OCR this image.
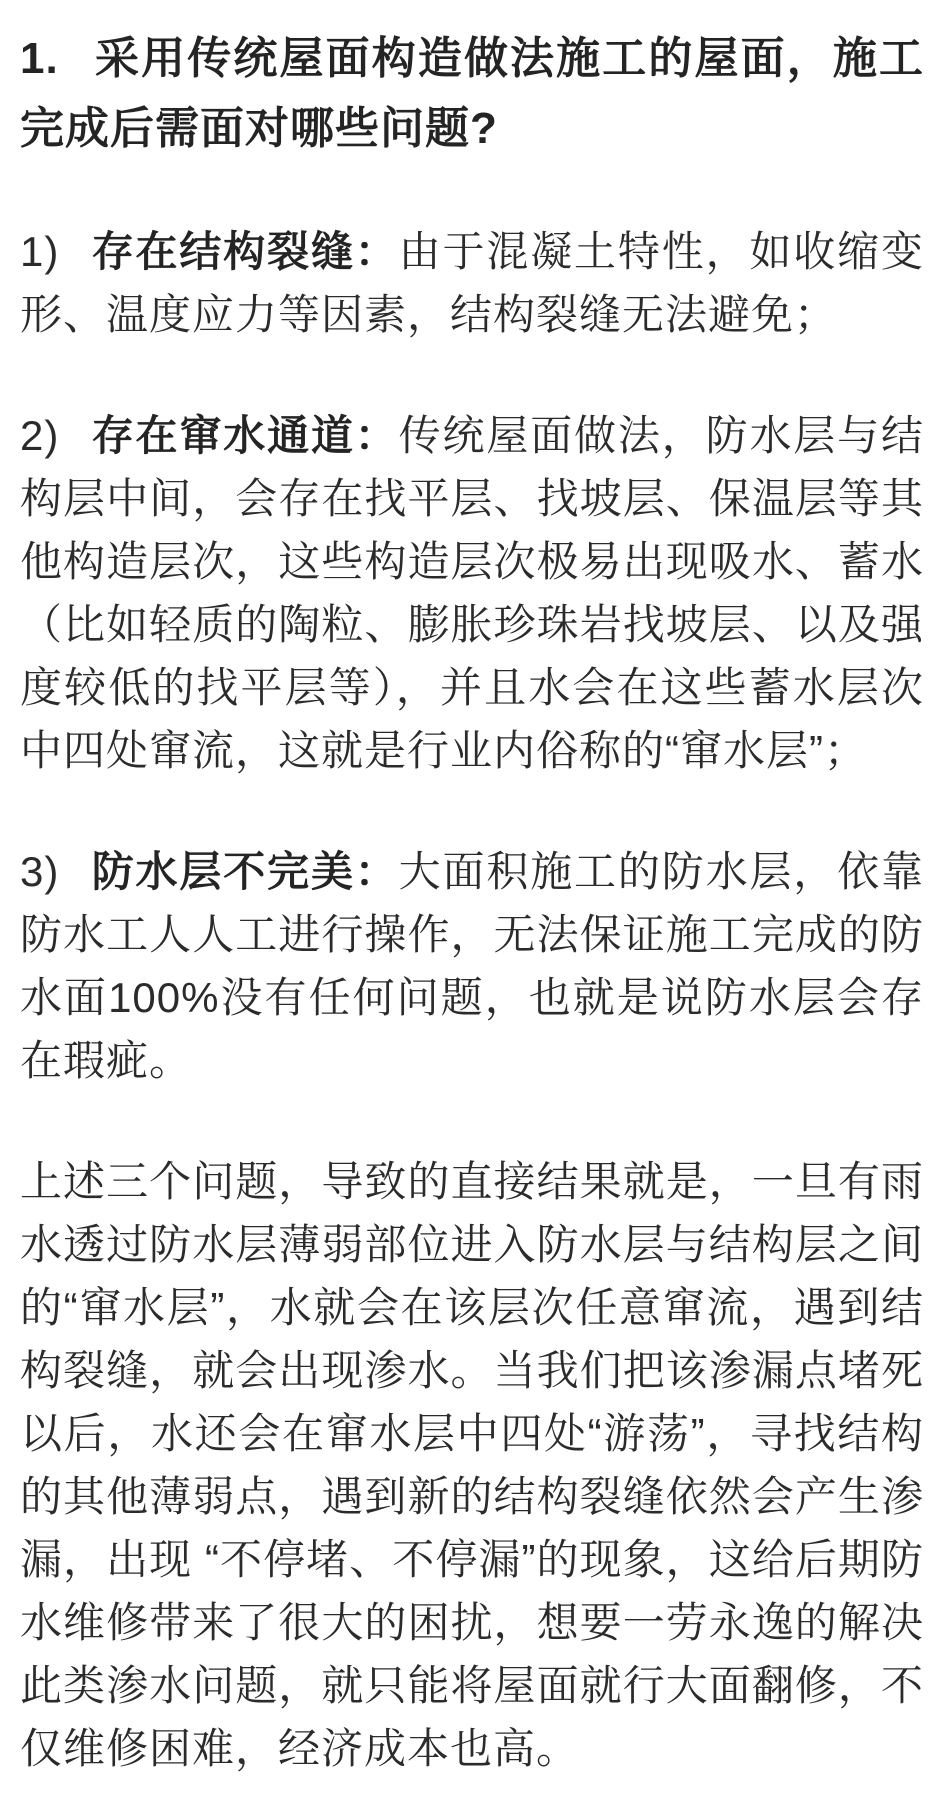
1. 采用传统屋面构造做法施工的屋面，施工完成后需面对哪些问题?

1) 存在结构裂缝：由于混凝土特性，如收缩变形、温度应力等因素，结构裂缝无法避免；

2) 存在窜水通道：传统屋面做法，防水层与结构层中间，会存在找平层、找坡层、保温层等其他构造层次，这些构造层次极易出现吸水、蓄水（比如轻质的陶粒、膨胀珍珠岩找坡层、以及强度较低的找平层等），并且水会在这些蓄水层次中四处窜流，这就是行业内俗称的“窜水层”；

3) 防水层不完美：大面积施工的防水层，依靠防水工人人工进行操作，无法保证施工完成的防水面100%没有任何问题，也就是说防水层会存在瑕疵。

上述三个问题，导致的直接结果就是，一旦有雨水透过防水层薄弱部位进入防水层与结构层之间的“窜水层”，水就会在该层次任意窜流，遇到结构裂缝，就会出现渗水。当我们把该渗漏点堵死以后，水还会在窜水层中四处“游荡”，寻找结构的其他薄弱点，遇到新的结构裂缝依然会产生渗漏，出现 “不停堵、不停漏”的现象，这给后期防水维修带来了很大的困扰，想要一劳永逸的解决此类渗水问题，就只能将屋面就行大面翻修，不仅维修困难，经济成本也高。
